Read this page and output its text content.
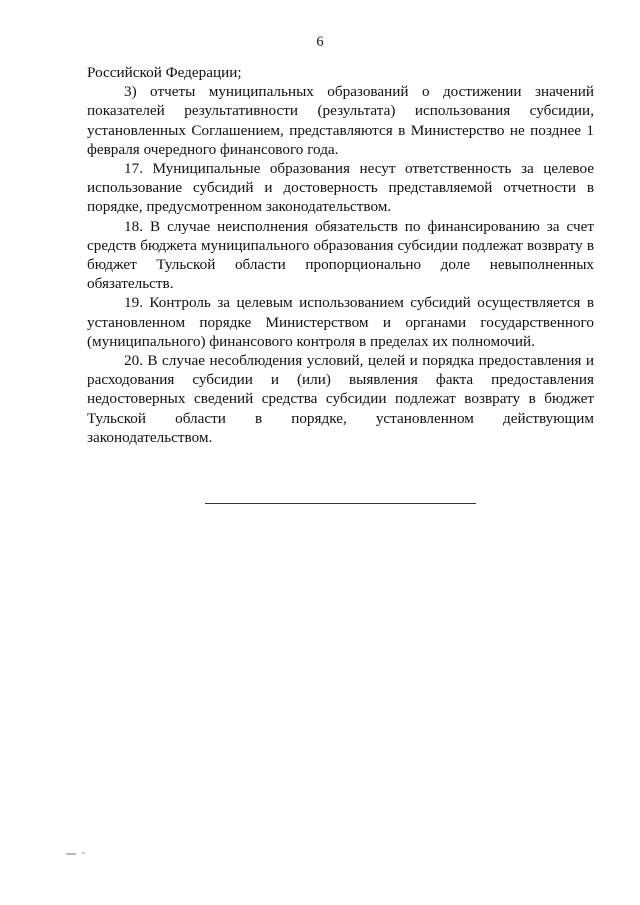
6

Российской Федерации;

3) отчеты муниципальных образований о достижении значений показателей результативности (результата) использования субсидии, установленных Соглашением, представляются в Министерство не позднее 1 февраля очередного финансового года.

17. Муниципальные образования несут ответственность за целевое использование субсидий и достоверность представляемой отчетности в порядке, предусмотренном законодательством.

18. В случае неисполнения обязательств по финансированию за счет средств бюджета муниципального образования субсидии подлежат возврату в бюджет Тульской области пропорционально доле невыполненных обязательств.

19. Контроль за целевым использованием субсидий осуществляется в установленном порядке Министерством и органами государственного (муниципального) финансового контроля в пределах их полномочий.

20. В случае несоблюдения условий, целей и порядка предоставления и расходования субсидии и (или) выявления факта предоставления недостоверных сведений средства субсидии подлежат возврату в бюджет Тульской области в порядке, установленном действующим законодательством.
